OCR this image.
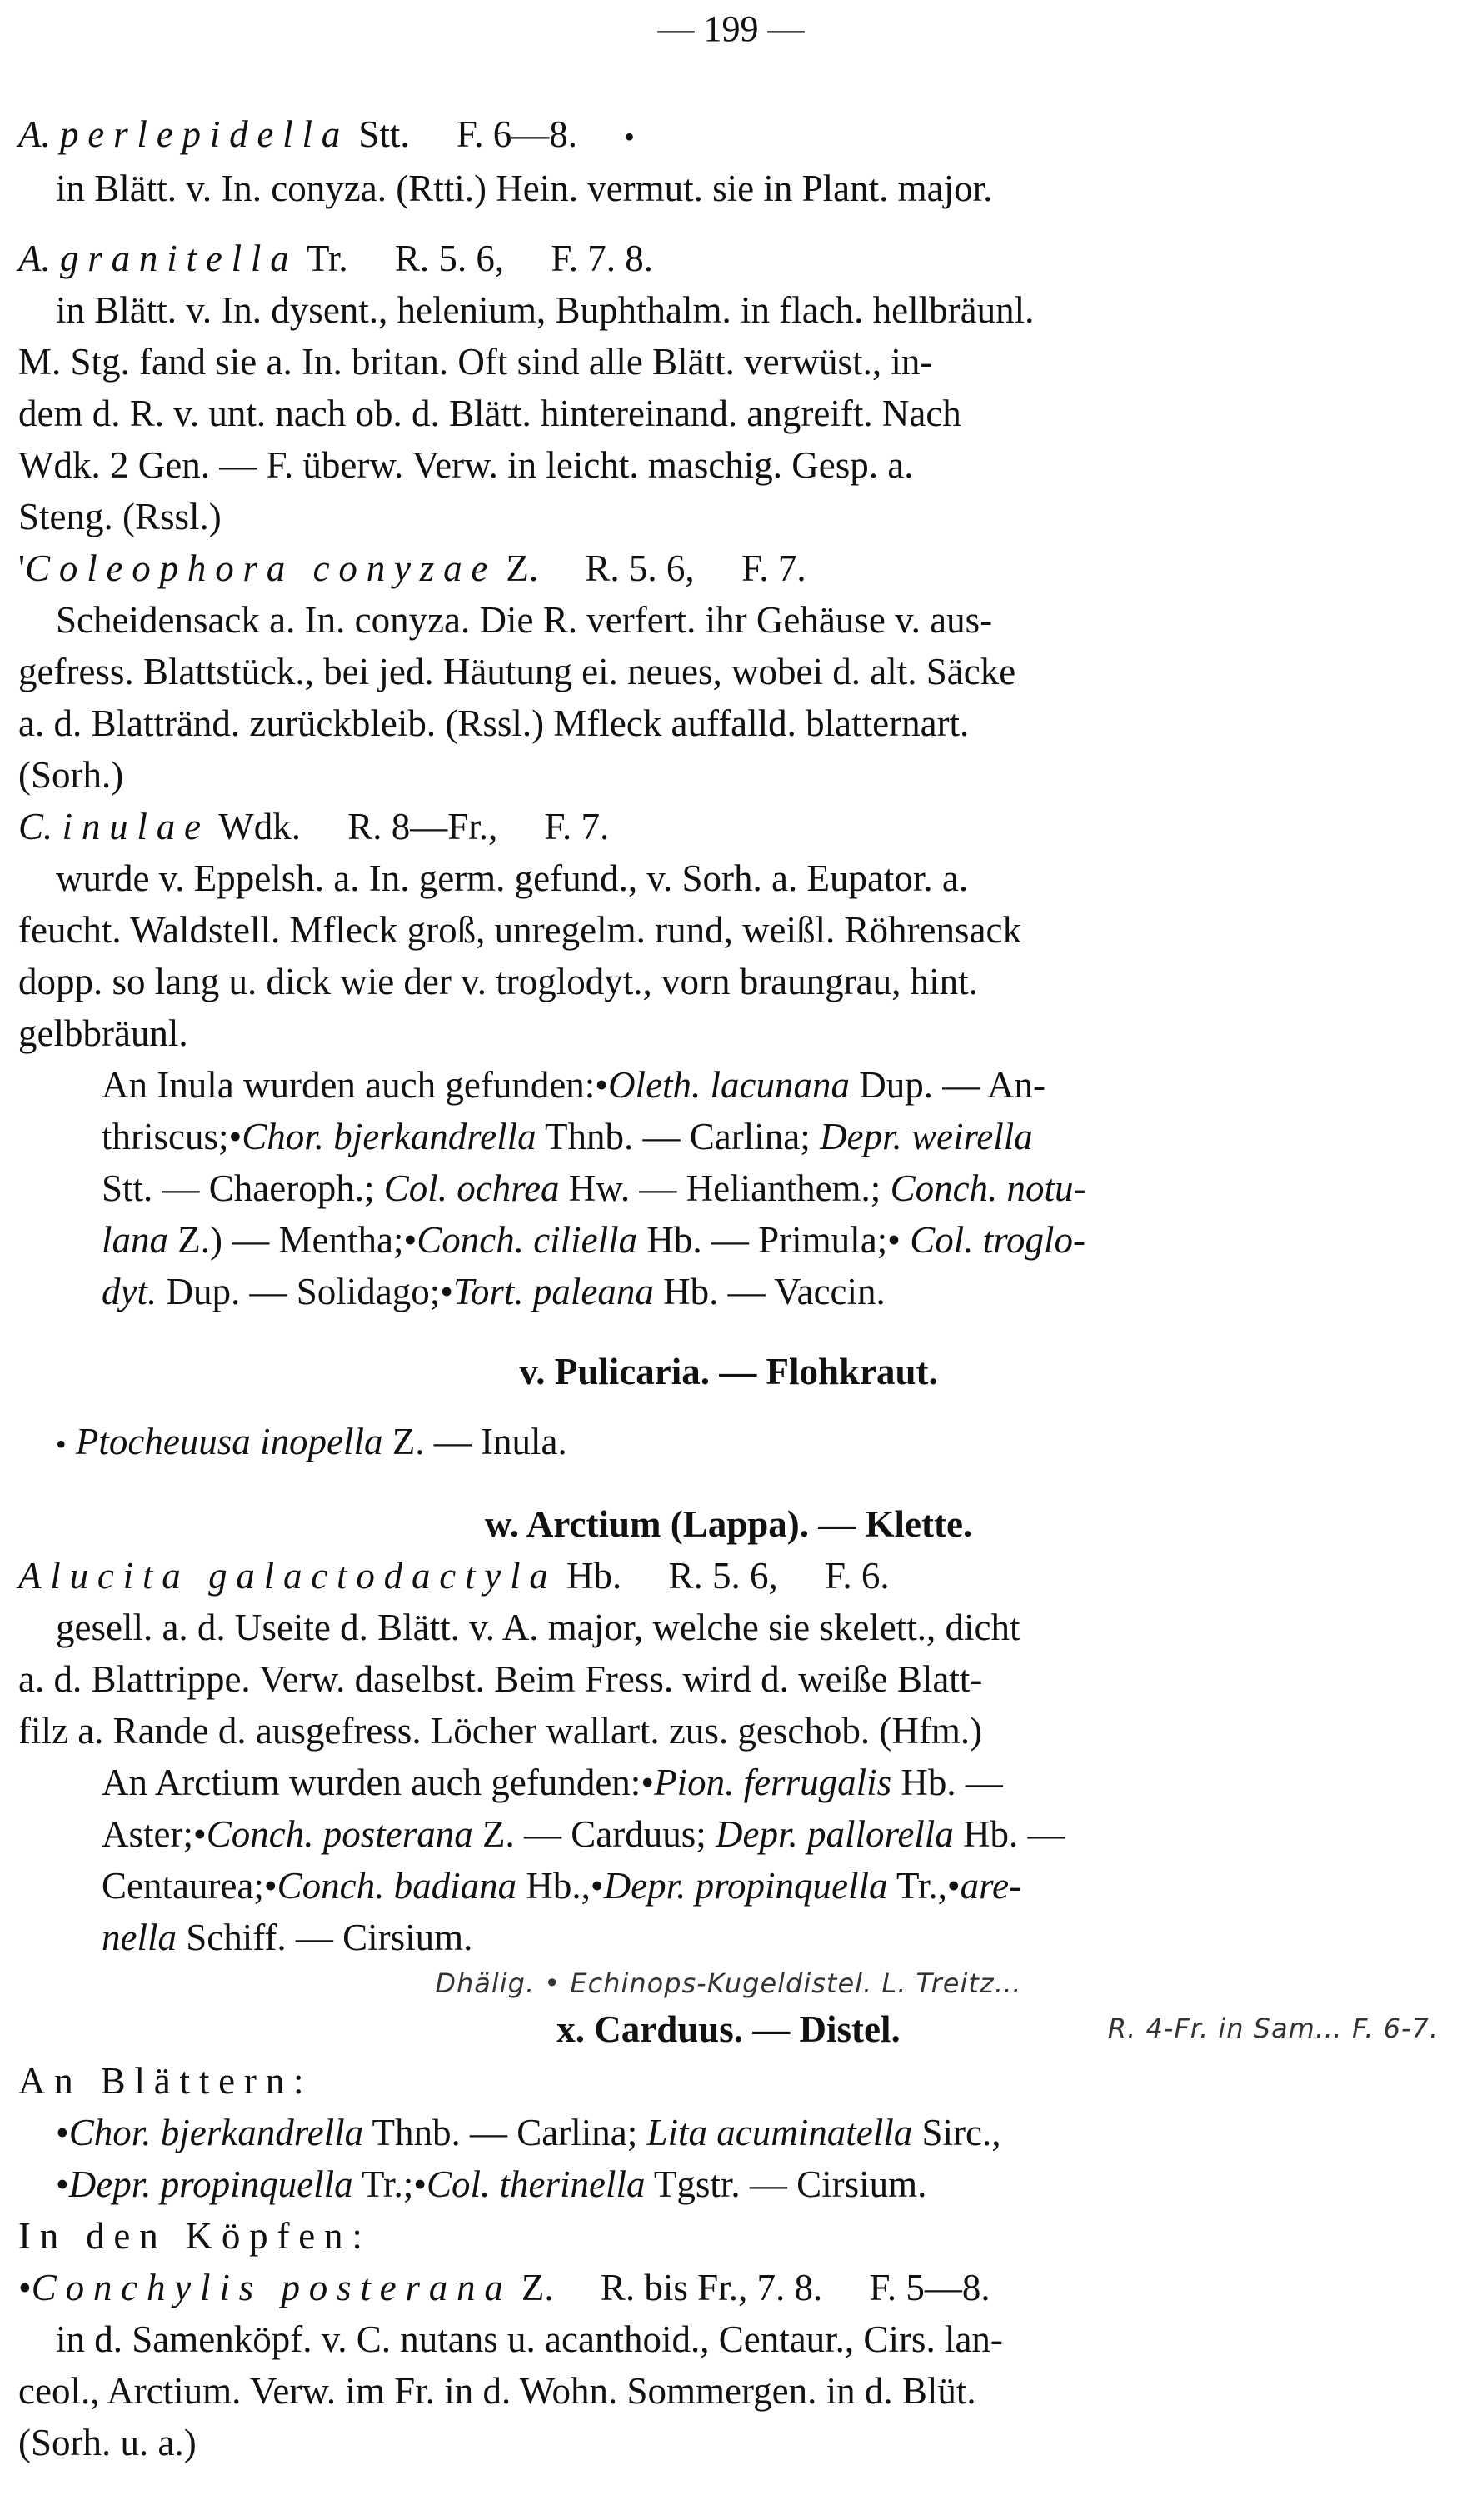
— 199 —
A. perlepidella Stt. F. 6—8. •
in Blätt. v. In. conyza. (Rtti.) Hein. vermut. sie in Plant. major.
A. granitella Tr. R. 5. 6, F. 7. 8.
in Blätt. v. In. dysent., helenium, Buphthalm. in flach. hellbräunl.
M. Stg. fand sie a. In. britan. Oft sind alle Blätt. verwüst., in-
dem d. R. v. unt. nach ob. d. Blätt. hintereinand. angreift. Nach
Wdk. 2 Gen. — F. überw. Verw. in leicht. maschig. Gesp. a.
Steng. (Rssl.)
'Coleophora conyzae Z. R. 5. 6, F. 7.
Scheidensack a. In. conyza. Die R. verfert. ihr Gehäuse v. aus-
gefress. Blattstück., bei jed. Häutung ei. neues, wobei d. alt. Säcke
a. d. Blattränd. zurückbleib. (Rssl.) Mfleck auffalld. blatternart.
(Sorh.)
C. inulae Wdk. R. 8—Fr., F. 7.
wurde v. Eppelsh. a. In. germ. gefund., v. Sorh. a. Eupator. a.
feucht. Waldstell. Mfleck groß, unregelm. rund, weißl. Röhrensack
dopp. so lang u. dick wie der v. troglodyt., vorn braungrau, hint.
gelbbräunl.
An Inula wurden auch gefunden:•Oleth. lacunana Dup. — An-
thriscus;•Chor. bjerkandrella Thnb. — Carlina; Depr. weirella
Stt. — Chaeroph.; Col. ochrea Hw. — Helianthem.; Conch. notu-
lana Z.) — Mentha;•Conch. ciliella Hb. — Primula;• Col. troglo-
dyt. Dup. — Solidago;•Tort. paleana Hb. — Vaccin.
v. Pulicaria. — Flohkraut.
• Ptocheuusa inopella Z. — Inula.
w. Arctium (Lappa). — Klette.
Alucita galactodactyla Hb. R. 5. 6, F. 6.
gesell. a. d. Useite d. Blätt. v. A. major, welche sie skelett., dicht
a. d. Blattrippe. Verw. daselbst. Beim Fress. wird d. weiße Blatt-
filz a. Rande d. ausgefress. Löcher wallart. zus. geschob. (Hfm.)
An Arctium wurden auch gefunden:•Pion. ferrugalis Hb. —
Aster;•Conch. posterana Z. — Carduus; Depr. pallorella Hb. —
Centaurea;•Conch. badiana Hb.,•Depr. propinquella Tr.,•are-
nella Schiff. — Cirsium.
Dhälig. • Echinops-Kugeldistel. L. Treitz…
x. Carduus. — Distel.	R. 4-Fr. in Sam… F. 6-7.
An Blättern:
•Chor. bjerkandrella Thnb. — Carlina; Lita acuminatella Sirc.,
•Depr. propinquella Tr.;•Col. therinella Tgstr. — Cirsium.
In den Köpfen:
•Conchylis posterana Z. R. bis Fr., 7. 8. F. 5—8.
in d. Samenköpf. v. C. nutans u. acanthoid., Centaur., Cirs. lan-
ceol., Arctium. Verw. im Fr. in d. Wohn. Sommergen. in d. Blüt.
(Sorh. u. a.)
